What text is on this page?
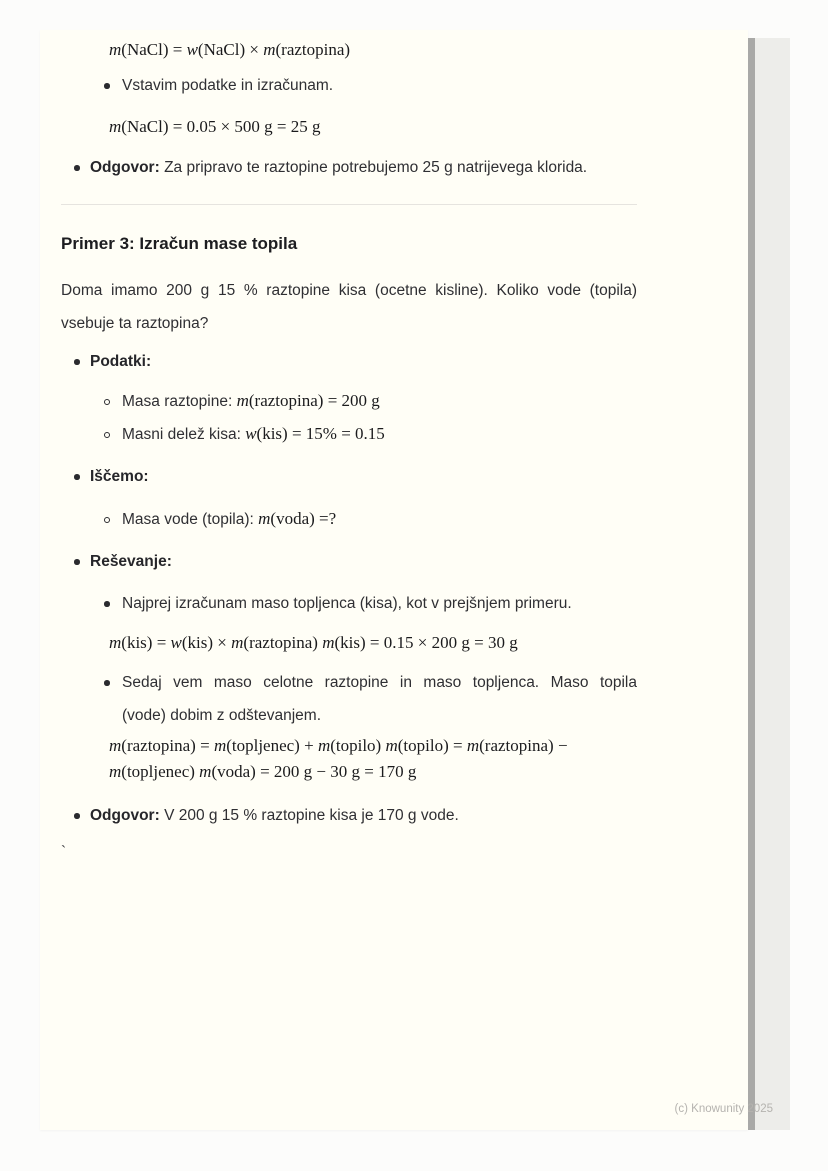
m(NaCl) = w(NaCl) × m(raztopina)
Vstavim podatke in izračunam.
m(NaCl) = 0.05 × 500 g = 25 g
Odgovor: Za pripravo te raztopine potrebujemo 25 g natrijevega klorida.
Primer 3: Izračun mase topila
Doma imamo 200 g 15 % raztopine kisa (ocetne kisline). Koliko vode (topila)
vsebuje ta raztopina?
Podatki:
Masa raztopine: m(raztopina) = 200 g
Masni delež kisa: w(kis) = 15% = 0.15
Iščemo:
Masa vode (topila): m(voda) =?
Reševanje:
Najprej izračunam maso topljenca (kisa), kot v prejšnjem primeru.
m(kis) = w(kis) × m(raztopina) m(kis) = 0.15 × 200 g = 30 g
Sedaj vem maso celotne raztopine in maso topljenca. Maso topila
(vode) dobim z odštevanjem.
m(raztopina) = m(topljenec) + m(topilo) m(topilo) = m(raztopina) −
m(topljenec) m(voda) = 200 g − 30 g = 170 g
Odgovor: V 200 g 15 % raztopine kisa je 170 g vode.
`
(c) Knowunity 2025
